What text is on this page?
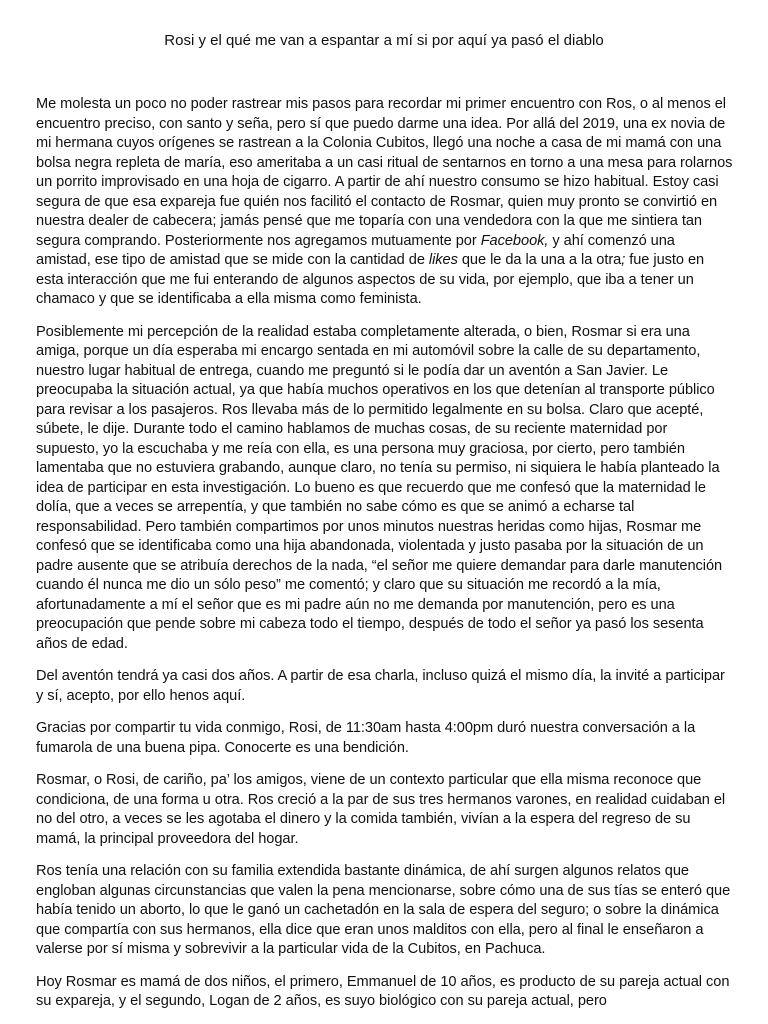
Rosi y el qué me van a espantar a mí si por aquí ya pasó el diablo

Me molesta un poco no poder rastrear mis pasos para recordar mi primer encuentro con Ros, o al menos el encuentro preciso, con santo y seña, pero sí que puedo darme una idea. Por allá del 2019, una ex novia de mi hermana cuyos orígenes se rastrean a la Colonia Cubitos, llegó una noche a casa de mi mamá con una bolsa negra repleta de maría, eso ameritaba a un casi ritual de sentarnos en torno a una mesa para rolarnos un porrito improvisado en una hoja de cigarro. A partir de ahí nuestro consumo se hizo habitual. Estoy casi segura de que esa expareja fue quién nos facilitó el contacto de Rosmar, quien muy pronto se convirtió en nuestra dealer de cabecera; jamás pensé que me toparía con una vendedora con la que me sintiera tan segura comprando. Posteriormente nos agregamos mutuamente por Facebook, y ahí comenzó una amistad, ese tipo de amistad que se mide con la cantidad de likes que le da la una a la otra; fue justo en esta interacción que me fui enterando de algunos aspectos de su vida, por ejemplo, que iba a tener un chamaco y que se identificaba a ella misma como feminista.

Posiblemente mi percepción de la realidad estaba completamente alterada, o bien, Rosmar si era una amiga, porque un día esperaba mi encargo sentada en mi automóvil sobre la calle de su departamento, nuestro lugar habitual de entrega, cuando me preguntó si le podía dar un aventón a San Javier. Le preocupaba la situación actual, ya que había muchos operativos en los que detenían al transporte público para revisar a los pasajeros. Ros llevaba más de lo permitido legalmente en su bolsa. Claro que acepté, súbete, le dije. Durante todo el camino hablamos de muchas cosas, de su reciente maternidad por supuesto, yo la escuchaba y me reía con ella, es una persona muy graciosa, por cierto, pero también lamentaba que no estuviera grabando, aunque claro, no tenía su permiso, ni siquiera le había planteado la idea de participar en esta investigación. Lo bueno es que recuerdo que me confesó que la maternidad le dolía, que a veces se arrepentía, y que también no sabe cómo es que se animó a echarse tal responsabilidad. Pero también compartimos por unos minutos nuestras heridas como hijas, Rosmar me confesó que se identificaba como una hija abandonada, violentada y justo pasaba por la situación de un padre ausente que se atribuía derechos de la nada, “el señor me quiere demandar para darle manutención cuando él nunca me dio un sólo peso” me comentó; y claro que su situación me recordó a la mía, afortunadamente a mí el señor que es mi padre aún no me demanda por manutención, pero es una preocupación que pende sobre mi cabeza todo el tiempo, después de todo el señor ya pasó los sesenta años de edad.

Del aventón tendrá ya casi dos años. A partir de esa charla, incluso quizá el mismo día, la invité a participar y sí, acepto, por ello henos aquí.

Gracias por compartir tu vida conmigo, Rosi, de 11:30am hasta 4:00pm duró nuestra conversación a la fumarola de una buena pipa. Conocerte es una bendición.

Rosmar, o Rosi, de cariño, pa’ los amigos, viene de un contexto particular que ella misma reconoce que condiciona, de una forma u otra. Ros creció a la par de sus tres hermanos varones, en realidad cuidaban el no del otro, a veces se les agotaba el dinero y la comida también, vivían a la espera del regreso de su mamá, la principal proveedora del hogar.

Ros tenía una relación con su familia extendida bastante dinámica, de ahí surgen algunos relatos que engloban algunas circunstancias que valen la pena mencionarse, sobre cómo una de sus tías se enteró que había tenido un aborto, lo que le ganó un cachetadón en la sala de espera del seguro; o sobre la dinámica que compartía con sus hermanos, ella dice que eran unos malditos con ella, pero al final le enseñaron a valerse por sí misma y sobrevivir a la particular vida de la Cubitos, en Pachuca.

Hoy Rosmar es mamá de dos niños, el primero, Emmanuel de 10 años, es producto de su pareja actual con su expareja, y el segundo, Logan de 2 años, es suyo biológico con su pareja actual, pero
